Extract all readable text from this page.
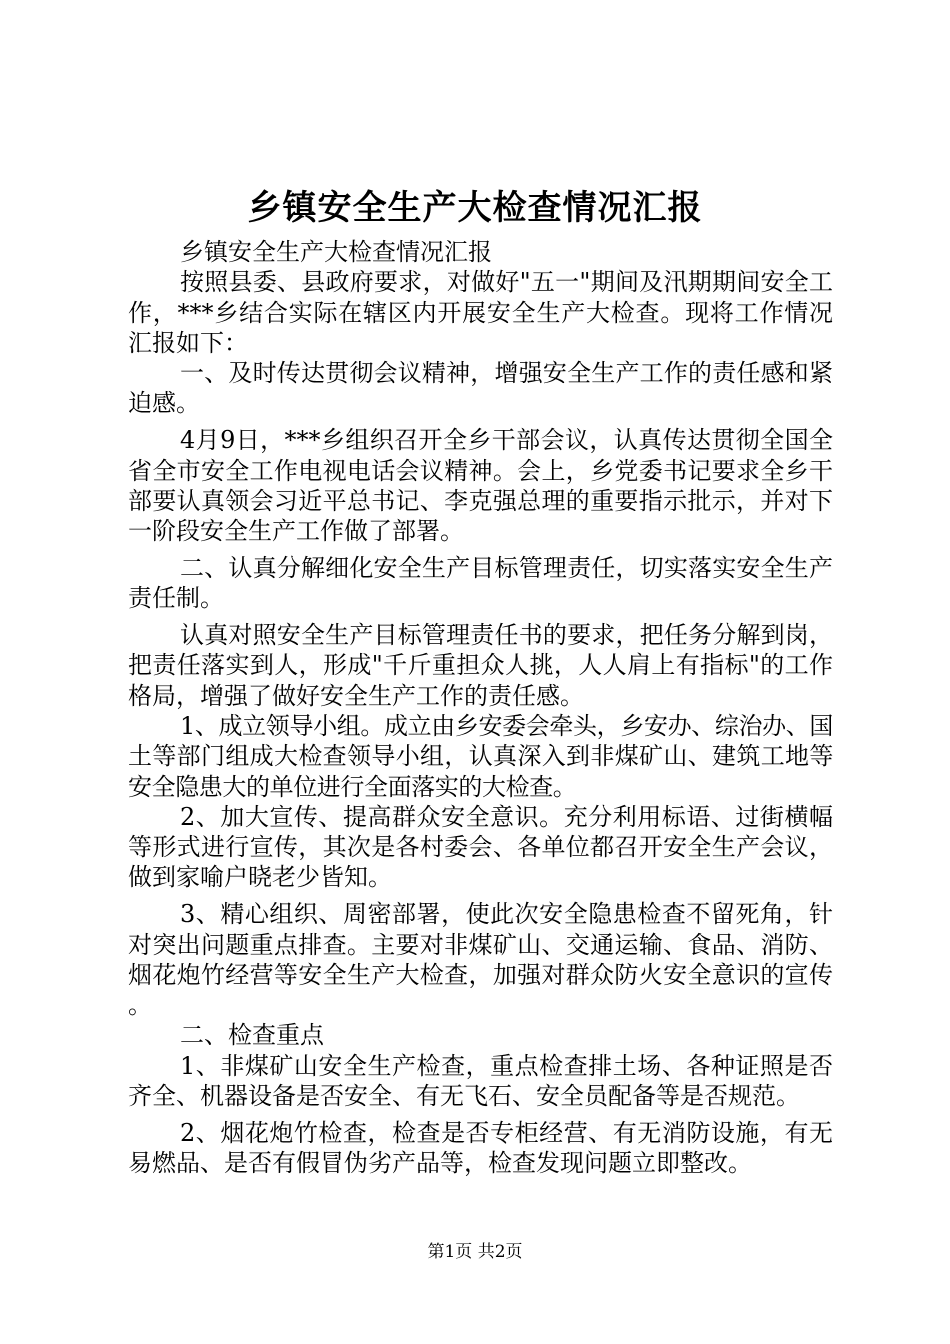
乡镇安全生产大检查情况汇报

乡镇安全生产大检查情况汇报

按照县委、县政府要求，对做好"五一"期间及汛期期间安全工作，***乡结合实际在辖区内开展安全生产大检查。现将工作情况汇报如下：

一、及时传达贯彻会议精神，增强安全生产工作的责任感和紧迫感。

4月9日，***乡组织召开全乡干部会议，认真传达贯彻全国全省全市安全工作电视电话会议精神。会上，乡党委书记要求全乡干部要认真领会习近平总书记、李克强总理的重要指示批示，并对下一阶段安全生产工作做了部署。

二、认真分解细化安全生产目标管理责任，切实落实安全生产责任制。

认真对照安全生产目标管理责任书的要求，把任务分解到岗，把责任落实到人，形成"千斤重担众人挑，人人肩上有指标"的工作格局，增强了做好安全生产工作的责任感。

1、成立领导小组。成立由乡安委会牵头，乡安办、综治办、国土等部门组成大检查领导小组，认真深入到非煤矿山、建筑工地等安全隐患大的单位进行全面落实的大检查。

2、加大宣传、提高群众安全意识。充分利用标语、过街横幅等形式进行宣传，其次是各村委会、各单位都召开安全生产会议，做到家喻户晓老少皆知。

3、精心组织、周密部署，使此次安全隐患检查不留死角，针对突出问题重点排查。主要对非煤矿山、交通运输、食品、消防、烟花炮竹经营等安全生产大检查，加强对群众防火安全意识的宣传。

二、检查重点

1、非煤矿山安全生产检查，重点检查排土场、各种证照是否齐全、机器设备是否安全、有无飞石、安全员配备等是否规范。

2、烟花炮竹检查，检查是否专柜经营、有无消防设施，有无易燃品、是否有假冒伪劣产品等，检查发现问题立即整改。

第1页 共2页
